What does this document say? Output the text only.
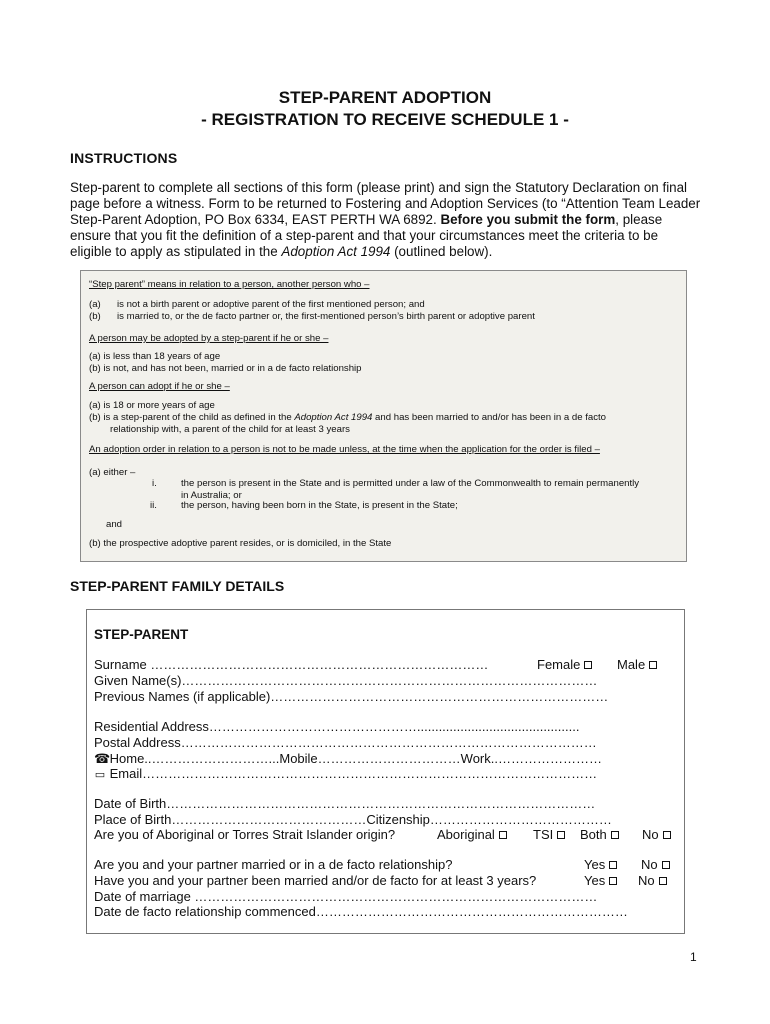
STEP-PARENT ADOPTION
- REGISTRATION TO RECEIVE SCHEDULE 1 -
INSTRUCTIONS
Step-parent to complete all sections of this form (please print) and sign the Statutory Declaration on final page before a witness. Form to be returned to Fostering and Adoption Services (to “Attention Team Leader Step-Parent Adoption, PO Box 6334, EAST PERTH WA 6892. Before you submit the form, please ensure that you fit the definition of a step-parent and that your circumstances meet the criteria to be eligible to apply as stipulated in the Adoption Act 1994 (outlined below).
“Step parent” means in relation to a person, another person who –
(a) is not a birth parent or adoptive parent of the first mentioned person; and
(b) is married to, or the de facto partner or, the first-mentioned person’s birth parent or adoptive parent
A person may be adopted by a step-parent if he or she –
(a) is less than 18 years of age
(b) is not, and has not been, married or in a de facto relationship
A person can adopt if he or she –
(a) is 18 or more years of age
(b) is a step-parent of the child as defined in the Adoption Act 1994 and has been married to and/or has been in a de facto
relationship with, a parent of the child for at least 3 years
An adoption order in relation to a person is not to be made unless, at the time when the application for the order is filed –
(a) either –
i.	the person is present in the State and is permitted under a law of the Commonwealth to remain permanently
in Australia; or
ii.	the person, having been born in the State, is present in the State;
and
(b) the prospective adoptive parent resides, or is domiciled, in the State
STEP-PARENT FAMILY DETAILS
STEP-PARENT
Surname ……………………………………………………………………	Female	Male
Given Name(s)……………………………………………………………………………………
Previous Names (if applicable)……………………………………………………………………
Residential Address………………………………………….............................................
Postal Address……………………………………………………………………………………
☎ Home..………………………...Mobile……………………………Work..……………………
▭ Email……………………………………………………………………………………………
Date of Birth………………………………………………………………………………………
Place of Birth………………………………………Citizenship……………………………………
Are you of Aboriginal or Torres Strait Islander origin?	Aboriginal	TSI	Both	No
Are you and your partner married or in a de facto relationship?	Yes	No
Have you and your partner been married and/or de facto for at least 3 years?	Yes	No
Date of marriage …………………………………………………………………………………
Date de facto relationship commenced………………………………………………………………
1
